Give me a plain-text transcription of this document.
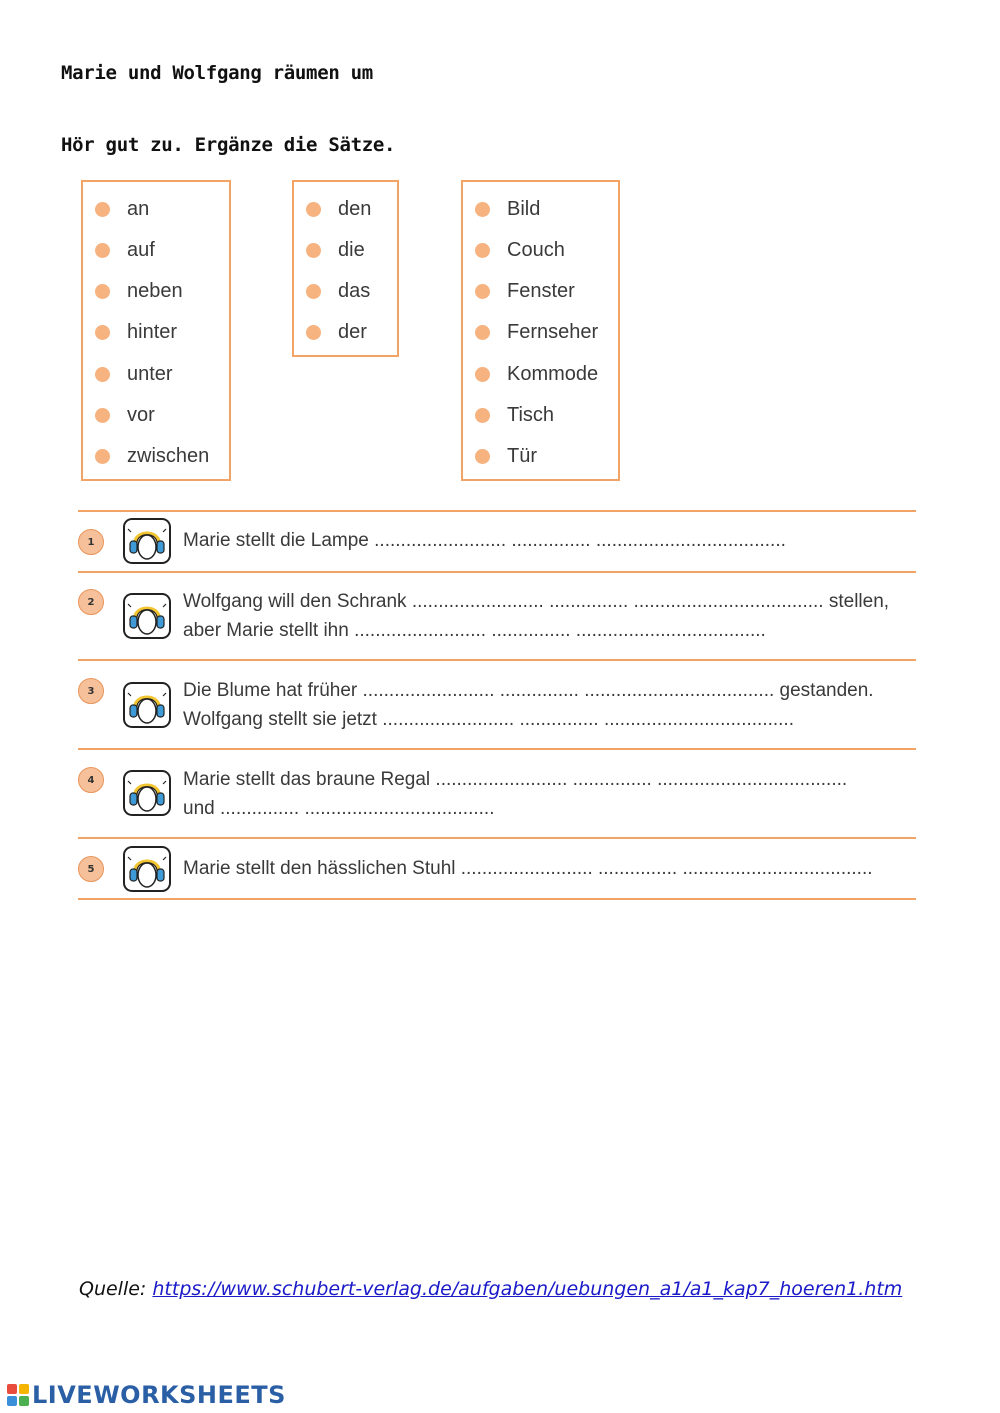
Marie und Wolfgang räumen um
Hör gut zu. Ergänze die Sätze.
an
auf
neben
hinter
unter
vor
zwischen
den
die
das
der
Bild
Couch
Fenster
Fernseher
Kommode
Tisch
Tür
1	Marie stellt die Lampe ......................... ............... ....................................
2	Wolfgang will den Schrank ......................... ............... .................................... stellen,
aber Marie stellt ihn ......................... ............... ....................................
3	Die Blume hat früher ......................... ............... .................................... gestanden.
Wolfgang stellt sie jetzt ......................... ............... ....................................
4	Marie stellt das braune Regal ......................... ............... ....................................
und ............... ....................................
5	Marie stellt den hässlichen Stuhl ......................... ............... ....................................
Quelle: https://www.schubert-verlag.de/aufgaben/uebungen_a1/a1_kap7_hoeren1.htm
LIVEWORKSHEETS
